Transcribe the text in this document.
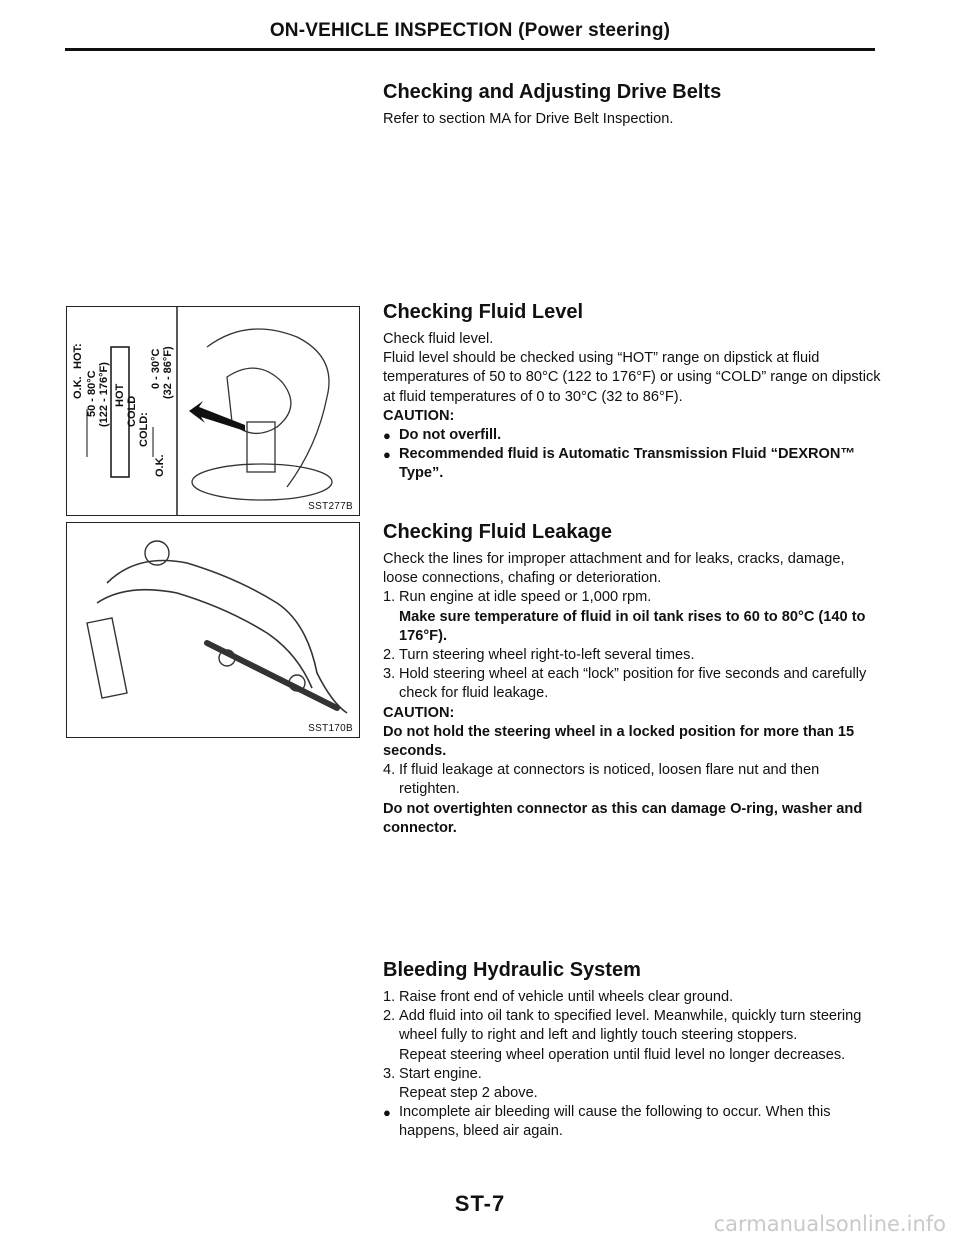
ON-VEHICLE INSPECTION (Power steering)
Checking and Adjusting Drive Belts

Refer to section MA for Drive Belt Inspection.

Checking Fluid Level

Check fluid level.

Fluid level should be checked using “HOT” range on dipstick at fluid temperatures of 50 to 80°C (122 to 176°F) or using “COLD” range on dipstick at fluid temperatures of 0 to 30°C (32 to 86°F).

CAUTION:

● Do not overfill.
● Recommended fluid is Automatic Transmission Fluid “DEXRON™ Type”.
Checking Fluid Leakage

Check the lines for improper attachment and for leaks, cracks, damage, loose connections, chafing or deterioration.

1. Run engine at idle speed or 1,000 rpm.
Make sure temperature of fluid in oil tank rises to 60 to 80°C (140 to 176°F).
2. Turn steering wheel right-to-left several times.
3. Hold steering wheel at each “lock” position for five seconds and carefully check for fluid leakage.

CAUTION:

Do not hold the steering wheel in a locked position for more than 15 seconds.

4. If fluid leakage at connectors is noticed, loosen flare nut and then retighten.

Do not overtighten connector as this can damage O-ring, washer and connector.

Bleeding Hydraulic System
1. Raise front end of vehicle until wheels clear ground.
2. Add fluid into oil tank to specified level. Meanwhile, quickly turn steering wheel fully to right and left and lightly touch steering stoppers.
Repeat steering wheel operation until fluid level no longer decreases.
3. Start engine.
Repeat step 2 above.
● Incomplete air bleeding will cause the following to occur. When this happens, bleed air again.
O.K.
HOT:
50 - 80°C (122 - 176°F) HOT
COLD
COLD:
0 - 30°C (32 - 86°F)
O.K.
SST277B
SST170B
ST-7
carmanualsonline.info
